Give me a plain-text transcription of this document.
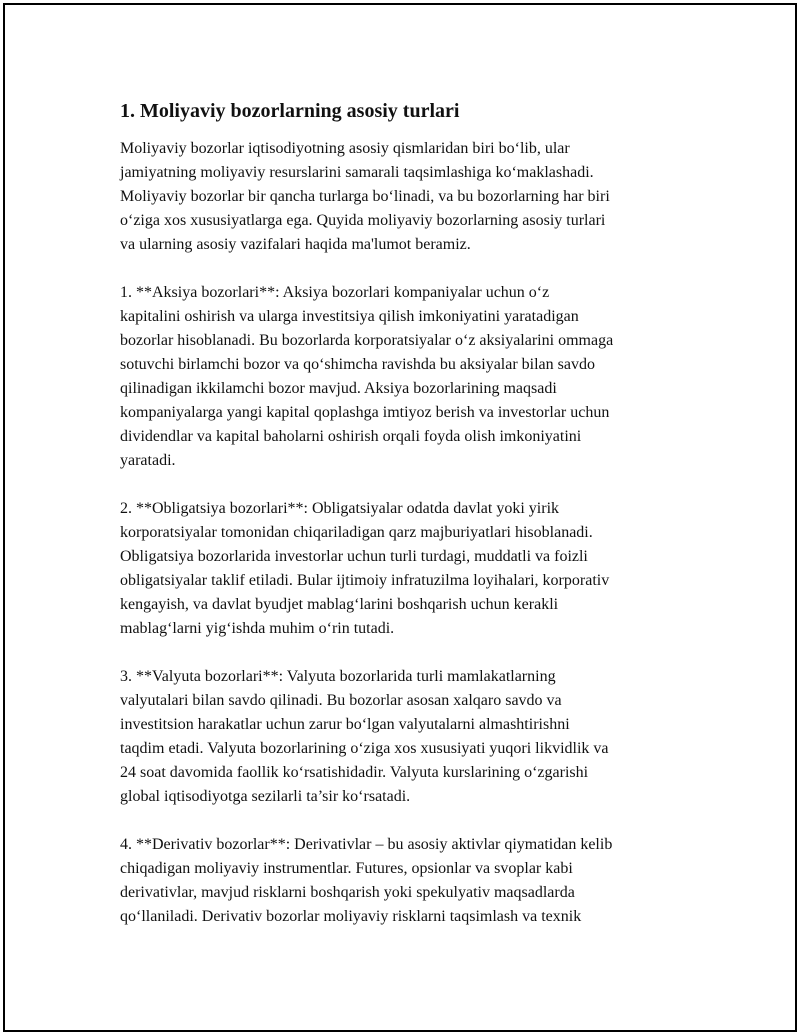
1. Moliyaviy bozorlarning asosiy turlari
Moliyaviy bozorlar iqtisodiyotning asosiy qismlaridan biri bo‘lib, ular
jamiyatning moliyaviy resurslarini samarali taqsimlashiga ko‘maklashadi.
Moliyaviy bozorlar bir qancha turlarga bo‘linadi, va bu bozorlarning har biri
o‘ziga xos xususiyatlarga ega. Quyida moliyaviy bozorlarning asosiy turlari
va ularning asosiy vazifalari haqida ma'lumot beramiz.
1. **Aksiya bozorlari**: Aksiya bozorlari kompaniyalar uchun o‘z
kapitalini oshirish va ularga investitsiya qilish imkoniyatini yaratadigan
bozorlar hisoblanadi. Bu bozorlarda korporatsiyalar o‘z aksiyalarini ommaga
sotuvchi birlamchi bozor va qo‘shimcha ravishda bu aksiyalar bilan savdo
qilinadigan ikkilamchi bozor mavjud. Aksiya bozorlarining maqsadi
kompaniyalarga yangi kapital qoplashga imtiyoz berish va investorlar uchun
dividendlar va kapital baholarni oshirish orqali foyda olish imkoniyatini
yaratadi.
2. **Obligatsiya bozorlari**: Obligatsiyalar odatda davlat yoki yirik
korporatsiyalar tomonidan chiqariladigan qarz majburiyatlari hisoblanadi.
Obligatsiya bozorlarida investorlar uchun turli turdagi, muddatli va foizli
obligatsiyalar taklif etiladi. Bular ijtimoiy infratuzilma loyihalari, korporativ
kengayish, va davlat byudjet mablag‘larini boshqarish uchun kerakli
mablag‘larni yig‘ishda muhim o‘rin tutadi.
3. **Valyuta bozorlari**: Valyuta bozorlarida turli mamlakatlarning
valyutalari bilan savdo qilinadi. Bu bozorlar asosan xalqaro savdo va
investitsion harakatlar uchun zarur bo‘lgan valyutalarni almashtirishni
taqdim etadi. Valyuta bozorlarining o‘ziga xos xususiyati yuqori likvidlik va
24 soat davomida faollik ko‘rsatishidadir. Valyuta kurslarining o‘zgarishi
global iqtisodiyotga sezilarli ta’sir ko‘rsatadi.
4. **Derivativ bozorlar**: Derivativlar – bu asosiy aktivlar qiymatidan kelib
chiqadigan moliyaviy instrumentlar. Futures, opsionlar va svoplar kabi
derivativlar, mavjud risklarni boshqarish yoki spekulyativ maqsadlarda
qo‘llaniladi. Derivativ bozorlar moliyaviy risklarni taqsimlash va texnik
